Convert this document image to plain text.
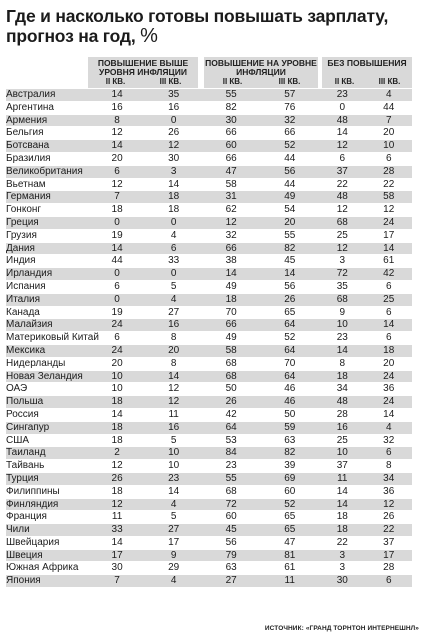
Где и насколько готовы повышать зарплату, прогноз на год, %
ПОВЫШЕНИЕ ВЫШЕ УРОВНЯ ИНФЛЯЦИИ
II КВ.	III КВ.
ПОВЫШЕНИЕ НА УРОВНЕ ИНФЛЯЦИИ
II КВ.	III КВ.
БЕЗ ПОВЫШЕНИЯ
II КВ.	III КВ.
Австралия	14	35	55	57	23	4
Аргентина	16	16	82	76	0	44
Армения	8	0	30	32	48	7
Бельгия	12	26	66	66	14	20
Ботсвана	14	12	60	52	12	10
Бразилия	20	30	66	44	6	6
Великобритания	6	3	47	56	37	28
Вьетнам	12	14	58	44	22	22
Германия	7	18	31	49	48	58
Гонконг	18	18	62	54	12	12
Греция	0	0	12	20	68	24
Грузия	19	4	32	55	25	17
Дания	14	6	66	82	12	14
Индия	44	33	38	45	3	61
Ирландия	0	0	14	14	72	42
Испания	6	5	49	56	35	6
Италия	0	4	18	26	68	25
Канада	19	27	70	65	9	6
Малайзия	24	16	66	64	10	14
Материковый Китай	6	8	49	52	23	6
Мексика	24	20	58	64	14	18
Нидерланды	20	8	68	70	8	20
Новая Зеландия	10	14	68	64	18	24
ОАЭ	10	12	50	46	34	36
Польша	18	12	26	46	48	24
Россия	14	11	42	50	28	14
Сингапур	18	16	64	59	16	4
США	18	5	53	63	25	32
Таиланд	2	10	84	82	10	6
Тайвань	12	10	23	39	37	8
Турция	26	23	55	69	11	34
Филиппины	18	14	68	60	14	36
Финляндия	12	4	72	52	14	12
Франция	11	5	60	65	18	26
Чили	33	27	45	65	18	22
Швейцария	14	17	56	47	22	37
Швеция	17	9	79	81	3	17
Южная Африка	30	29	63	61	3	28
Япония	7	4	27	11	30	6
ИСТОЧНИК: «ГРАНД ТОРНТОН ИНТЕРНЕШНЛ»
